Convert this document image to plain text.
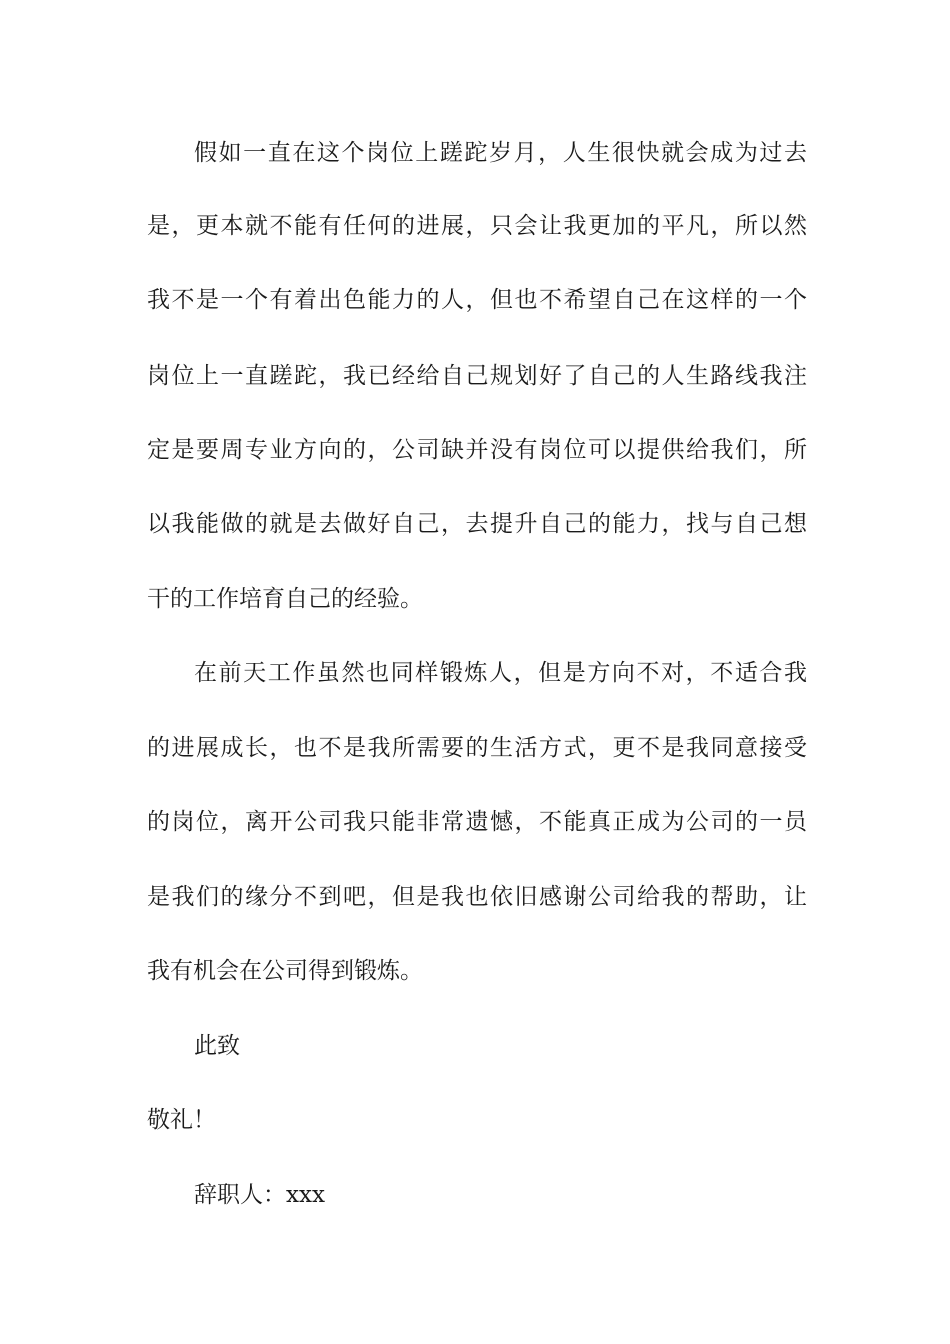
假如一直在这个岗位上蹉跎岁月，人生很快就会成为过去
是，更本就不能有任何的进展，只会让我更加的平凡，所以然
我不是一个有着出色能力的人，但也不希望自己在这样的一个
岗位上一直蹉跎，我已经给自己规划好了自己的人生路线我注
定是要周专业方向的，公司缺并没有岗位可以提供给我们，所
以我能做的就是去做好自己，去提升自己的能力，找与自己想
干的工作培育自己的经验。
在前天工作虽然也同样锻炼人，但是方向不对，不适合我
的进展成长，也不是我所需要的生活方式，更不是我同意接受
的岗位，离开公司我只能非常遗憾，不能真正成为公司的一员
是我们的缘分不到吧，但是我也依旧感谢公司给我的帮助，让
我有机会在公司得到锻炼。
此致
敬礼！
辞职人：xxx
